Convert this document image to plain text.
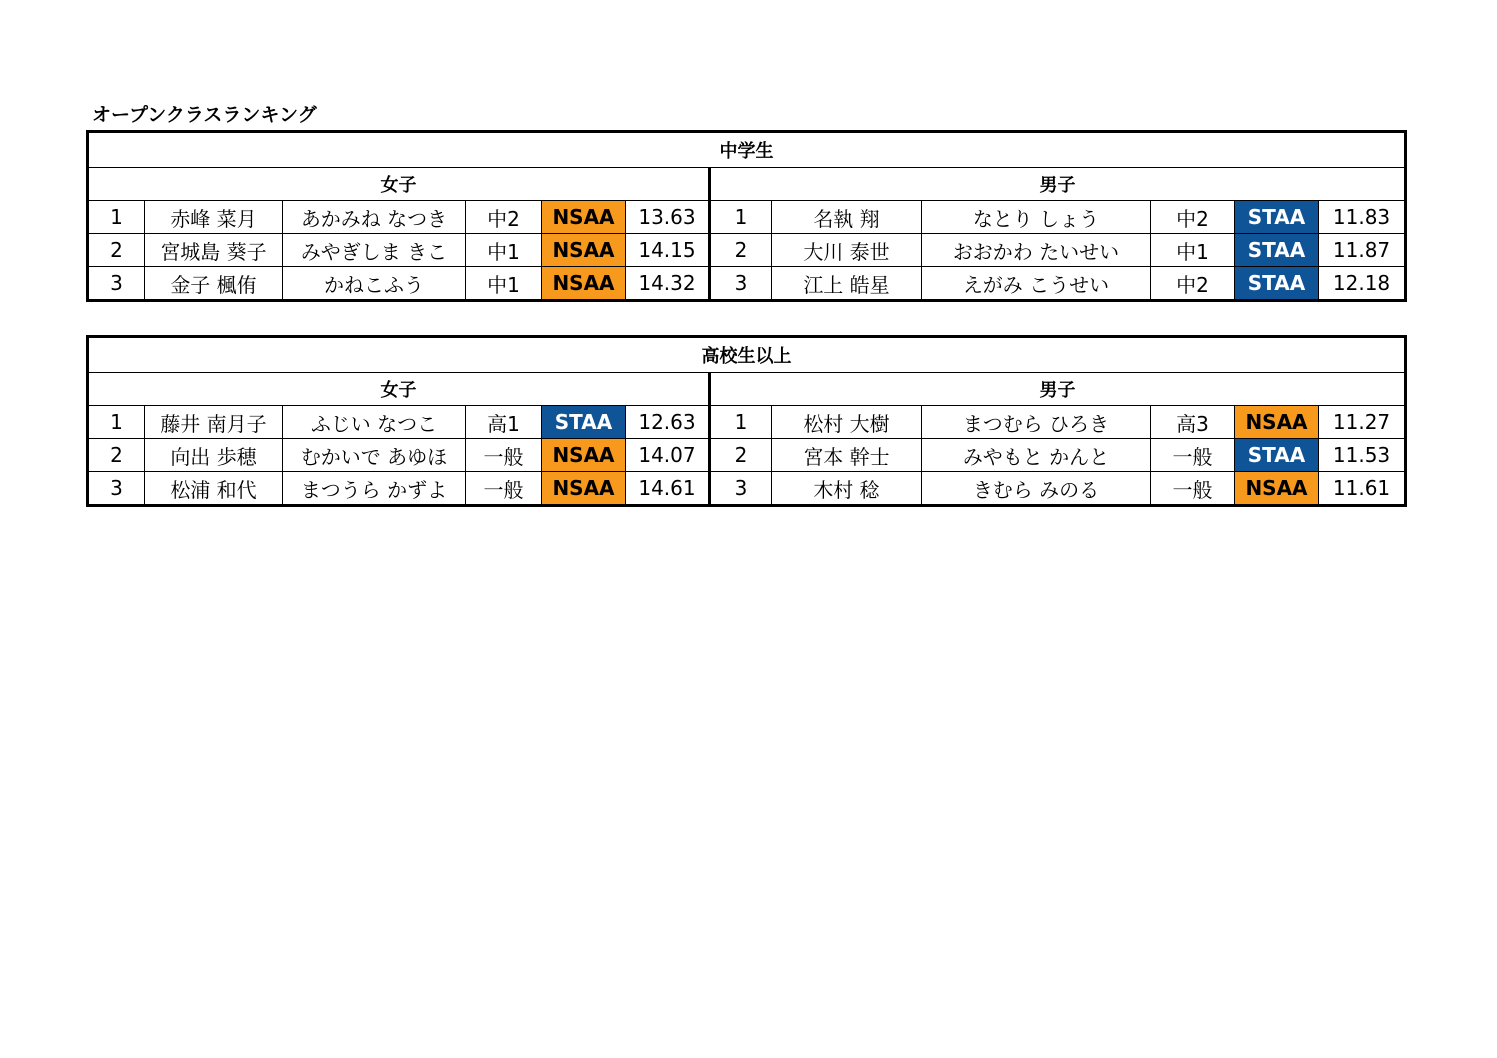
オープンクラスランキング
中学生											
女子						男子					
1	赤峰 菜月	あかみね なつき	中2	NSAA	13.63	1	名執 翔	なとり しょう	中2	STAA	11.83
2	宮城島 葵子	みやぎしま きこ	中1	NSAA	14.15	2	大川 泰世	おおかわ たいせい	中1	STAA	11.87
3	金子 楓侑	かねこふう	中1	NSAA	14.32	3	江上 皓星	えがみ こうせい	中2	STAA	12.18
高校生以上											
女子						男子					
1	藤井 南月子	ふじい なつこ	高1	STAA	12.63	1	松村 大樹	まつむら ひろき	高3	NSAA	11.27
2	向出 歩穂	むかいで あゆほ	一般	NSAA	14.07	2	宮本 幹士	みやもと かんと	一般	STAA	11.53
3	松浦 和代	まつうら かずよ	一般	NSAA	14.61	3	木村 稔	きむら みのる	一般	NSAA	11.61
